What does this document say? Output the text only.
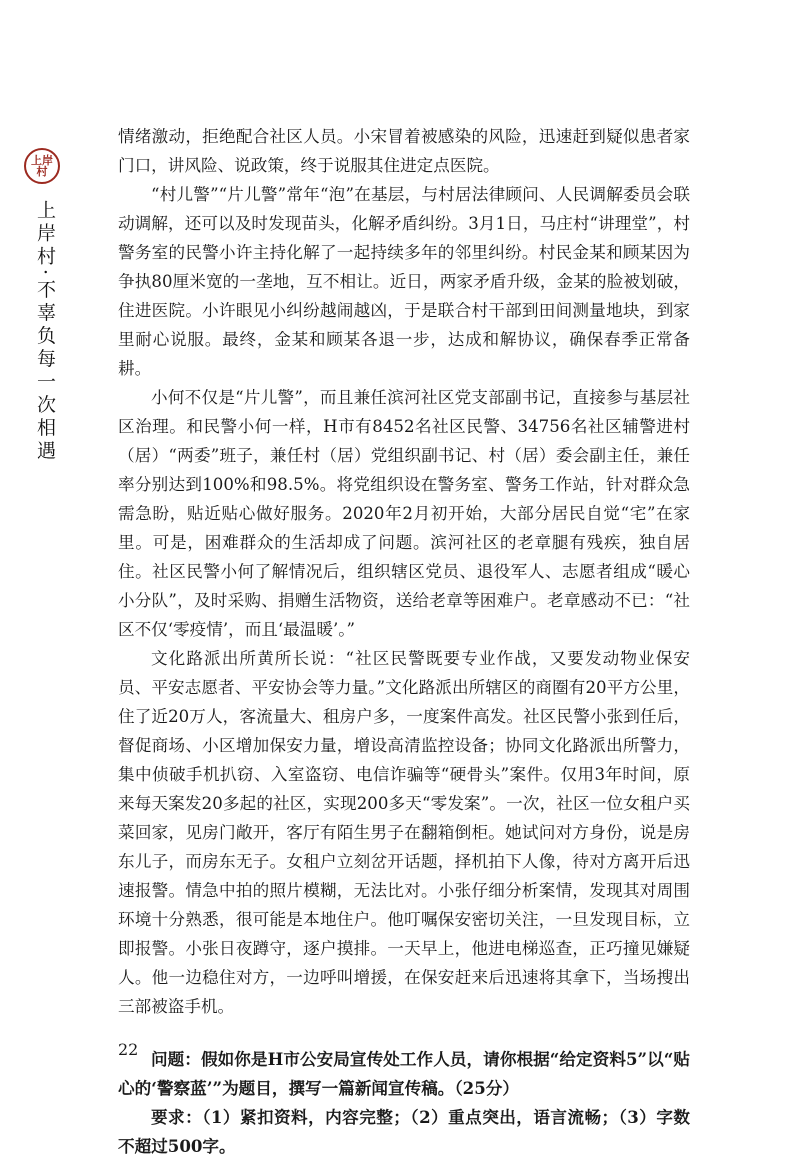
上岸村
上岸村·不辜负每一次相遇

情绪激动，拒绝配合社区人员。小宋冒着被感染的风险，迅速赶到疑似患者家门口，讲风险、说政策，终于说服其住进定点医院。

“村儿警”“片儿警”常年“泡”在基层，与村居法律顾问、人民调解委员会联动调解，还可以及时发现苗头，化解矛盾纠纷。3月1日，马庄村“讲理堂”，村警务室的民警小许主持化解了一起持续多年的邻里纠纷。村民金某和顾某因为争执80厘米宽的一垄地，互不相让。近日，两家矛盾升级，金某的脸被划破，住进医院。小许眼见小纠纷越闹越凶，于是联合村干部到田间测量地块，到家里耐心说服。最终，金某和顾某各退一步，达成和解协议，确保春季正常备耕。

小何不仅是“片儿警”，而且兼任滨河社区党支部副书记，直接参与基层社区治理。和民警小何一样，H市有8452名社区民警、34756名社区辅警进村（居）“两委”班子，兼任村（居）党组织副书记、村（居）委会副主任，兼任率分别达到100%和98.5%。将党组织设在警务室、警务工作站，针对群众急需急盼，贴近贴心做好服务。2020年2月初开始，大部分居民自觉“宅”在家里。可是，困难群众的生活却成了问题。滨河社区的老章腿有残疾，独自居住。社区民警小何了解情况后，组织辖区党员、退役军人、志愿者组成“暖心小分队”，及时采购、捐赠生活物资，送给老章等困难户。老章感动不已：“社区不仅‘零疫情’，而且‘最温暖’。”

文化路派出所黄所长说：“社区民警既要专业作战，又要发动物业保安员、平安志愿者、平安协会等力量。”文化路派出所辖区的商圈有20平方公里，住了近20万人，客流量大、租房户多，一度案件高发。社区民警小张到任后，督促商场、小区增加保安力量，增设高清监控设备；协同文化路派出所警力，集中侦破手机扒窃、入室盗窃、电信诈骗等“硬骨头”案件。仅用3年时间，原来每天案发20多起的社区，实现200多天“零发案”。一次，社区一位女租户买菜回家，见房门敞开，客厅有陌生男子在翻箱倒柜。她试问对方身份，说是房东儿子，而房东无子。女租户立刻岔开话题，择机拍下人像，待对方离开后迅速报警。情急中拍的照片模糊，无法比对。小张仔细分析案情，发现其对周围环境十分熟悉，很可能是本地住户。他叮嘱保安密切关注，一旦发现目标，立即报警。小张日夜蹲守，逐户摸排。一天早上，他进电梯巡查，正巧撞见嫌疑人。他一边稳住对方，一边呼叫增援，在保安赶来后迅速将其拿下，当场搜出三部被盗手机。

问题：假如你是H市公安局宣传处工作人员，请你根据“给定资料5”以“贴心的‘警察蓝’”为题目，撰写一篇新闻宣传稿。（25分）

要求：（1）紧扣资料，内容完整；（2）重点突出，语言流畅；（3）字数不超过500字。

22
